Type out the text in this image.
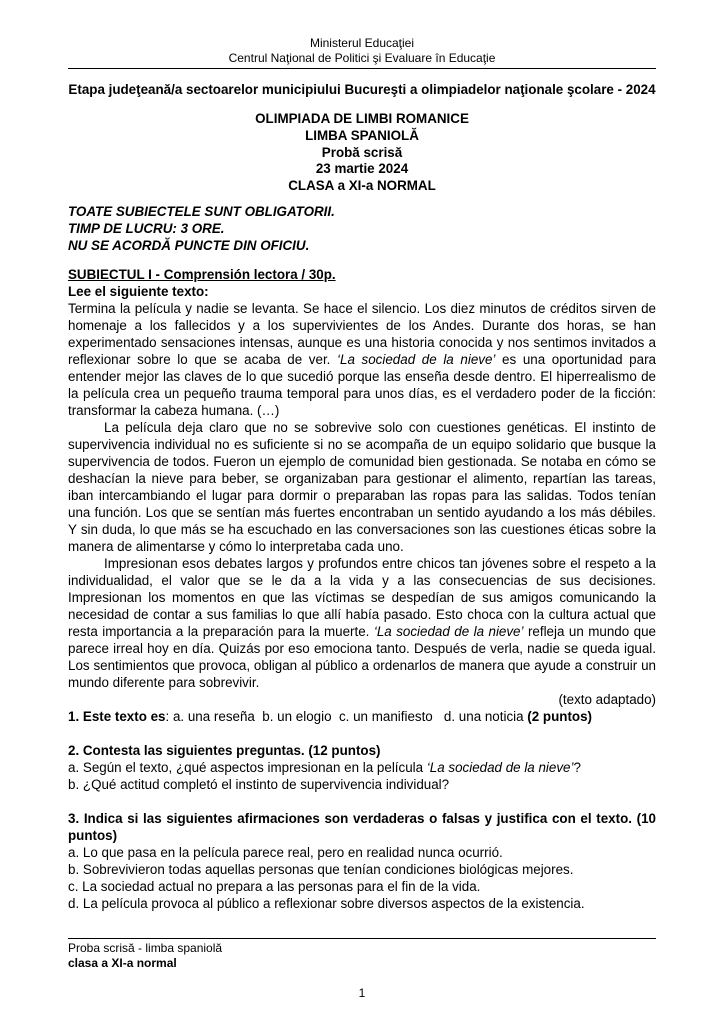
Ministerul Educaţiei
Centrul Naţional de Politici şi Evaluare în Educaţie
Etapa judeţeană/a sectoarelor municipiului Bucureşti a olimpiadelor naţionale şcolare - 2024
OLIMPIADA DE LIMBI ROMANICE
LIMBA SPANIOLĂ
Probă scrisă
23 martie 2024
CLASA a XI-a NORMAL
TOATE SUBIECTELE SUNT OBLIGATORII.
TIMP DE LUCRU: 3 ORE.
NU SE ACORDĂ PUNCTE DIN OFICIU.
SUBIECTUL I - Comprensión lectora / 30p.
Lee el siguiente texto:

Termina la película y nadie se levanta. Se hace el silencio. Los diez minutos de créditos sirven de homenaje a los fallecidos y a los supervivientes de los Andes. Durante dos horas, se han experimentado sensaciones intensas, aunque es una historia conocida y nos sentimos invitados a reflexionar sobre lo que se acaba de ver. ‘La sociedad de la nieve’ es una oportunidad para entender mejor las claves de lo que sucedió porque las enseña desde dentro. El hiperrealismo de la película crea un pequeño trauma temporal para unos días, es el verdadero poder de la ficción: transformar la cabeza humana. (…)

La película deja claro que no se sobrevive solo con cuestiones genéticas. El instinto de supervivencia individual no es suficiente si no se acompaña de un equipo solidario que busque la supervivencia de todos. Fueron un ejemplo de comunidad bien gestionada. Se notaba en cómo se deshacían la nieve para beber, se organizaban para gestionar el alimento, repartían las tareas, iban intercambiando el lugar para dormir o preparaban las ropas para las salidas. Todos tenían una función. Los que se sentían más fuertes encontraban un sentido ayudando a los más débiles. Y sin duda, lo que más se ha escuchado en las conversaciones son las cuestiones éticas sobre la manera de alimentarse y cómo lo interpretaba cada uno.

Impresionan esos debates largos y profundos entre chicos tan jóvenes sobre el respeto a la individualidad, el valor que se le da a la vida y a las consecuencias de sus decisiones. Impresionan los momentos en que las víctimas se despedían de sus amigos comunicando la necesidad de contar a sus familias lo que allí había pasado. Esto choca con la cultura actual que resta importancia a la preparación para la muerte. ‘La sociedad de la nieve’ refleja un mundo que parece irreal hoy en día. Quizás por eso emociona tanto. Después de verla, nadie se queda igual. Los sentimientos que provoca, obligan al público a ordenarlos de manera que ayude a construir un mundo diferente para sobrevivir.

(texto adaptado)

1. Este texto es: a. una reseña  b. un elogio  c. un manifiesto   d. una noticia (2 puntos)

2. Contesta las siguientes preguntas. (12 puntos)

a. Según el texto, ¿qué aspectos impresionan en la película ‘La sociedad de la nieve’?

b. ¿Qué actitud completó el instinto de supervivencia individual?

3. Indica si las siguientes afirmaciones son verdaderas o falsas y justifica con el texto. (10 puntos)

a. Lo que pasa en la película parece real, pero en realidad nunca ocurrió.

b. Sobrevivieron todas aquellas personas que tenían condiciones biológicas mejores.

c. La sociedad actual no prepara a las personas para el fin de la vida.

d. La película provoca al público a reflexionar sobre diversos aspectos de la existencia.

Proba scrisă - limba spaniolă

clasa a XI-a normal

1
